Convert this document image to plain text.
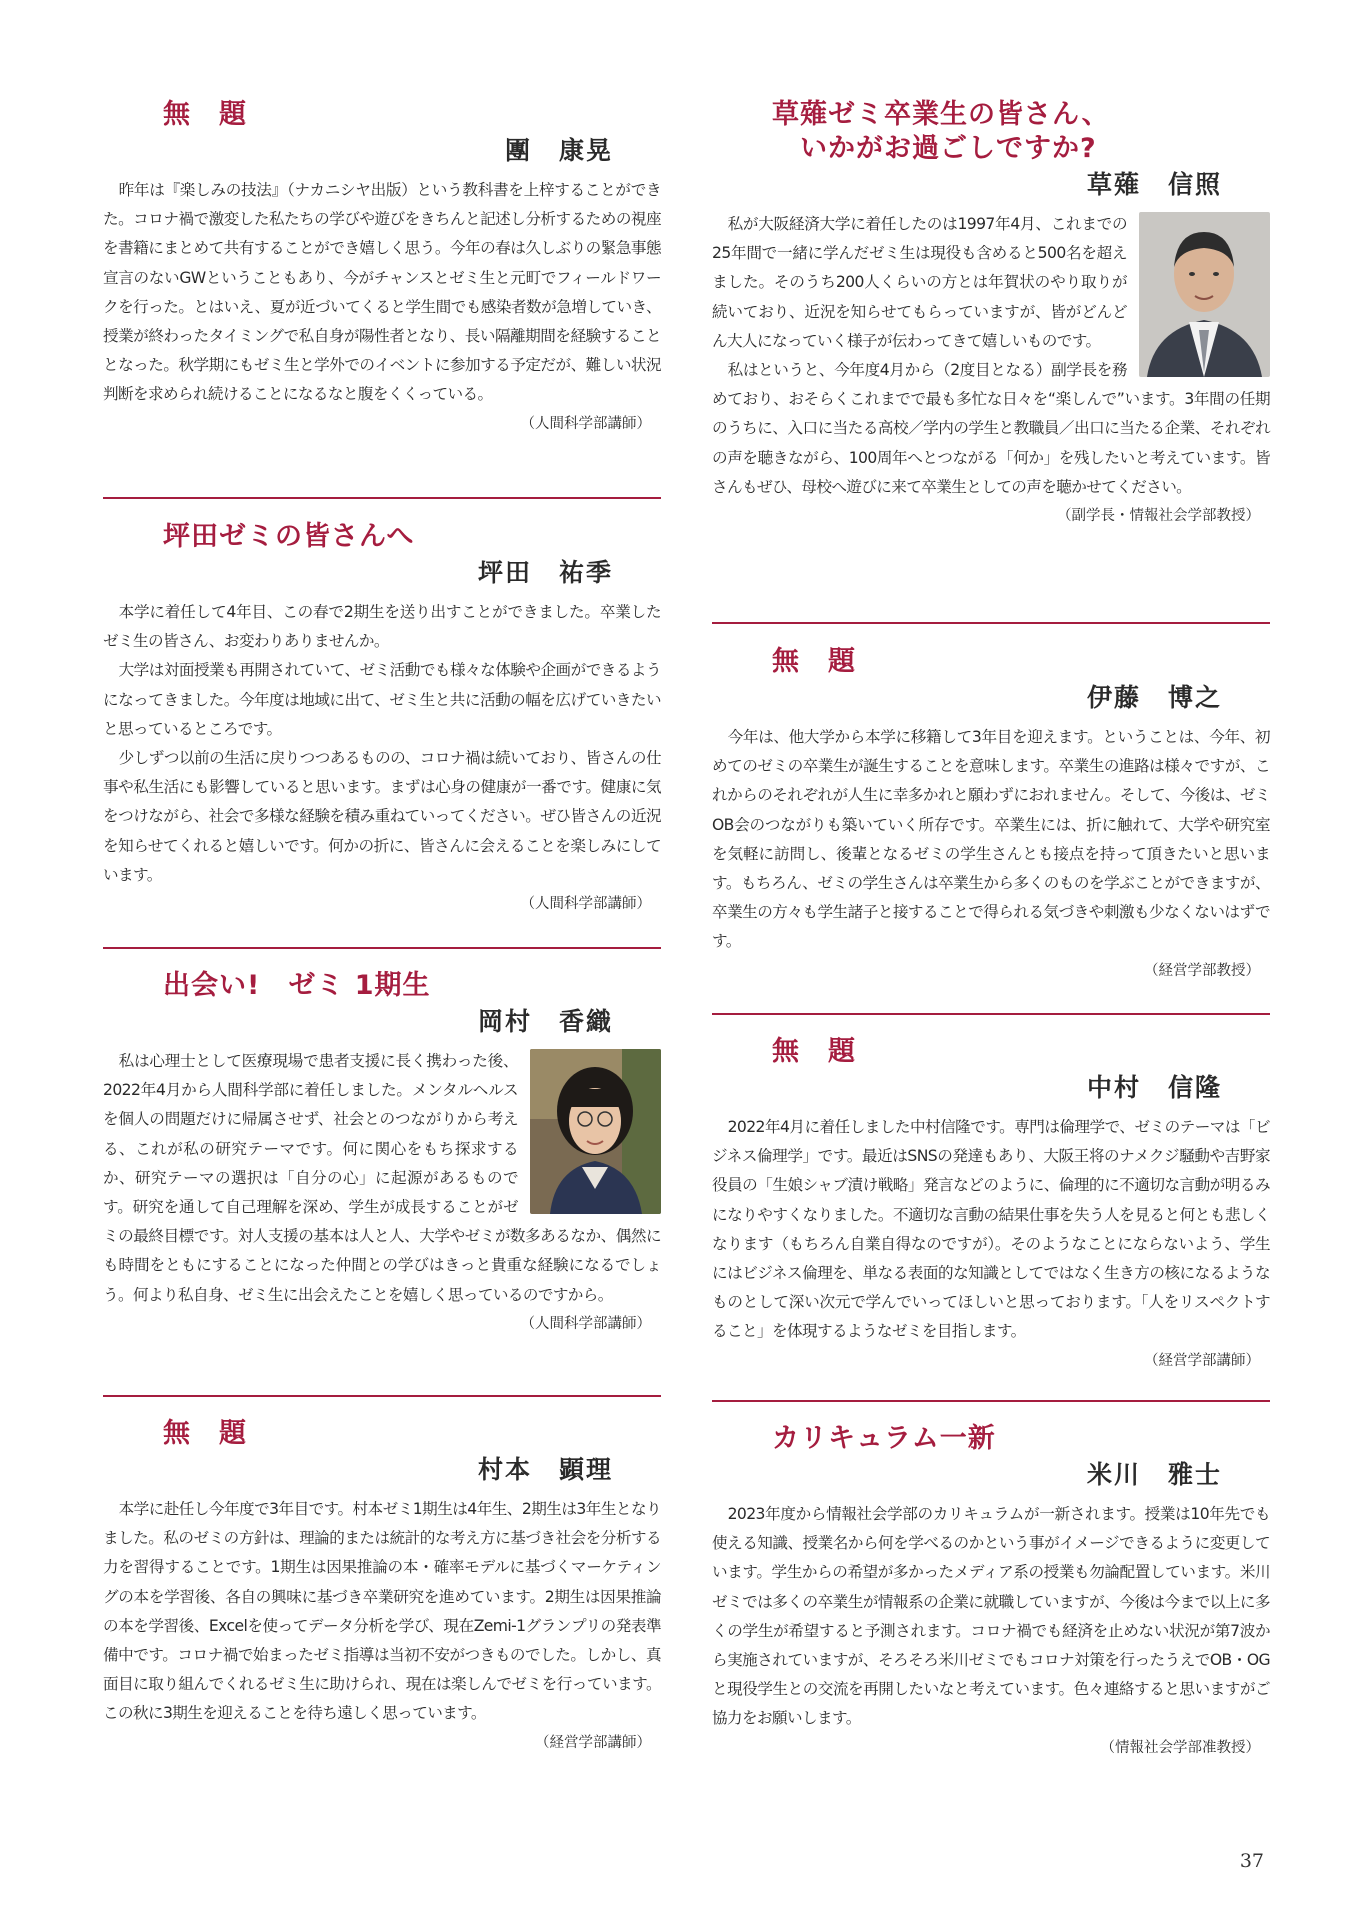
無　題
團　康晃

昨年は『楽しみの技法』（ナカニシヤ出版）という教科書を上梓することができた。コロナ禍で激変した私たちの学びや遊びをきちんと記述し分析するための視座を書籍にまとめて共有することができ嬉しく思う。今年の春は久しぶりの緊急事態宣言のないGWということもあり、今がチャンスとゼミ生と元町でフィールドワークを行った。とはいえ、夏が近づいてくると学生間でも感染者数が急増していき、授業が終わったタイミングで私自身が陽性者となり、長い隔離期間を経験することとなった。秋学期にもゼミ生と学外でのイベントに参加する予定だが、難しい状況判断を求められ続けることになるなと腹をくくっている。

（人間科学部講師）
坪田ゼミの皆さんへ
坪田　祐季

本学に着任して4年目、この春で2期生を送り出すことができました。卒業したゼミ生の皆さん、お変わりありませんか。

大学は対面授業も再開されていて、ゼミ活動でも様々な体験や企画ができるようになってきました。今年度は地域に出て、ゼミ生と共に活動の幅を広げていきたいと思っているところです。

少しずつ以前の生活に戻りつつあるものの、コロナ禍は続いており、皆さんの仕事や私生活にも影響していると思います。まずは心身の健康が一番です。健康に気をつけながら、社会で多様な経験を積み重ねていってください。ぜひ皆さんの近況を知らせてくれると嬉しいです。何かの折に、皆さんに会えることを楽しみにしています。

（人間科学部講師）
出会い!　ゼミ 1期生
岡村　香織

私は心理士として医療現場で患者支援に長く携わった後、2022年4月から人間科学部に着任しました。メンタルヘルスを個人の問題だけに帰属させず、社会とのつながりから考える、これが私の研究テーマです。何に関心をもち探求するか、研究テーマの選択は「自分の心」に起源があるものです。研究を通して自己理解を深め、学生が成長することがゼミの最終目標です。対人支援の基本は人と人、大学やゼミが数多あるなか、偶然にも時間をともにすることになった仲間との学びはきっと貴重な経験になるでしょう。何より私自身、ゼミ生に出会えたことを嬉しく思っているのですから。

（人間科学部講師）
無　題
村本　顕理

本学に赴任し今年度で3年目です。村本ゼミ1期生は4年生、2期生は3年生となりました。私のゼミの方針は、理論的または統計的な考え方に基づき社会を分析する力を習得することです。1期生は因果推論の本・確率モデルに基づくマーケティングの本を学習後、各自の興味に基づき卒業研究を進めています。2期生は因果推論の本を学習後、Excelを使ってデータ分析を学び、現在Zemi-1グランプリの発表準備中です。コロナ禍で始まったゼミ指導は当初不安がつきものでした。しかし、真面目に取り組んでくれるゼミ生に助けられ、現在は楽しんでゼミを行っています。この秋に3期生を迎えることを待ち遠しく思っています。

（経営学部講師）
草薙ゼミ卒業生の皆さん、
　いかがお過ごしですか?
草薙　信照

私が大阪経済大学に着任したのは1997年4月、これまでの25年間で一緒に学んだゼミ生は現役も含めると500名を超えました。そのうち200人くらいの方とは年賀状のやり取りが続いており、近況を知らせてもらっていますが、皆がどんどん大人になっていく様子が伝わってきて嬉しいものです。

私はというと、今年度4月から（2度目となる）副学長を務めており、おそらくこれまでで最も多忙な日々を“楽しんで”います。3年間の任期のうちに、入口に当たる高校／学内の学生と教職員／出口に当たる企業、それぞれの声を聴きながら、100周年へとつながる「何か」を残したいと考えています。皆さんもぜひ、母校へ遊びに来て卒業生としての声を聴かせてください。

（副学長・情報社会学部教授）
無　題
伊藤　博之

今年は、他大学から本学に移籍して3年目を迎えます。ということは、今年、初めてのゼミの卒業生が誕生することを意味します。卒業生の進路は様々ですが、これからのそれぞれが人生に幸多かれと願わずにおれません。そして、今後は、ゼミOB会のつながりも築いていく所存です。卒業生には、折に触れて、大学や研究室を気軽に訪問し、後輩となるゼミの学生さんとも接点を持って頂きたいと思います。もちろん、ゼミの学生さんは卒業生から多くのものを学ぶことができますが、卒業生の方々も学生諸子と接することで得られる気づきや刺激も少なくないはずです。

（経営学部教授）
無　題
中村　信隆

2022年4月に着任しました中村信隆です。専門は倫理学で、ゼミのテーマは「ビジネス倫理学」です。最近はSNSの発達もあり、大阪王将のナメクジ騒動や吉野家役員の「生娘シャブ漬け戦略」発言などのように、倫理的に不適切な言動が明るみになりやすくなりました。不適切な言動の結果仕事を失う人を見ると何とも悲しくなります（もちろん自業自得なのですが）。そのようなことにならないよう、学生にはビジネス倫理を、単なる表面的な知識としてではなく生き方の核になるようなものとして深い次元で学んでいってほしいと思っております。「人をリスペクトすること」を体現するようなゼミを目指します。

（経営学部講師）
カリキュラム一新
米川　雅士

2023年度から情報社会学部のカリキュラムが一新されます。授業は10年先でも使える知識、授業名から何を学べるのかという事がイメージできるように変更しています。学生からの希望が多かったメディア系の授業も勿論配置しています。米川ゼミでは多くの卒業生が情報系の企業に就職していますが、今後は今まで以上に多くの学生が希望すると予測されます。コロナ禍でも経済を止めない状況が第7波から実施されていますが、そろそろ米川ゼミでもコロナ対策を行ったうえでOB・OGと現役学生との交流を再開したいなと考えています。色々連絡すると思いますがご協力をお願いします。

（情報社会学部准教授）
37
